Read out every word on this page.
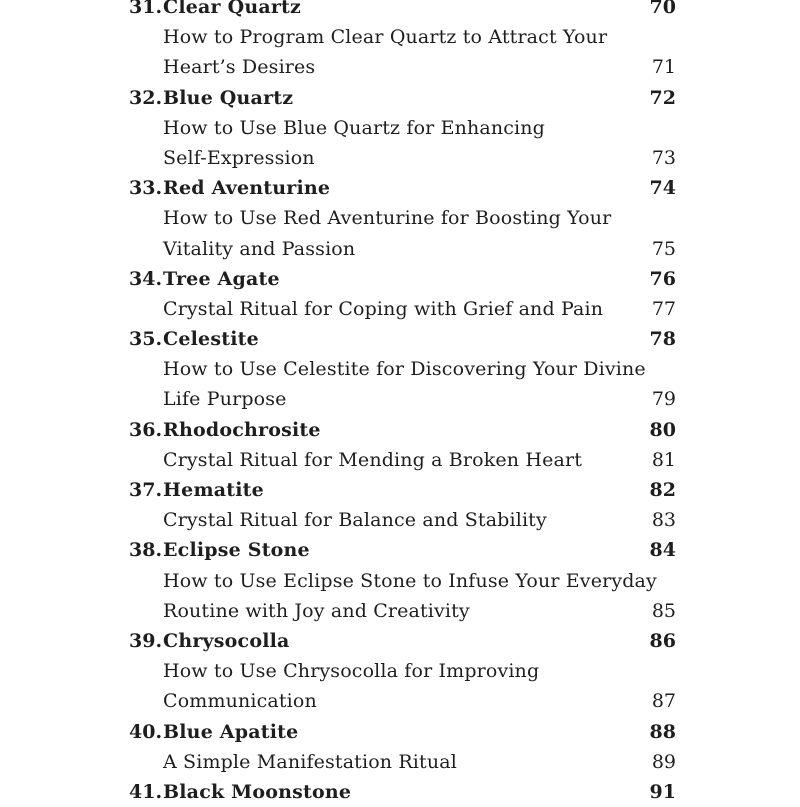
31. Clear Quartz	70
How to Program Clear Quartz to Attract Your
Heart’s Desires	71
32. Blue Quartz	72
How to Use Blue Quartz for Enhancing
Self-Expression	73
33. Red Aventurine	74
How to Use Red Aventurine for Boosting Your
Vitality and Passion	75
34. Tree Agate	76
Crystal Ritual for Coping with Grief and Pain	77
35. Celestite	78
How to Use Celestite for Discovering Your Divine
Life Purpose	79
36. Rhodochrosite	80
Crystal Ritual for Mending a Broken Heart	81
37. Hematite	82
Crystal Ritual for Balance and Stability	83
38. Eclipse Stone	84
How to Use Eclipse Stone to Infuse Your Everyday
Routine with Joy and Creativity	85
39. Chrysocolla	86
How to Use Chrysocolla for Improving
Communication	87
40. Blue Apatite	88
A Simple Manifestation Ritual	89
41. Black Moonstone	91
